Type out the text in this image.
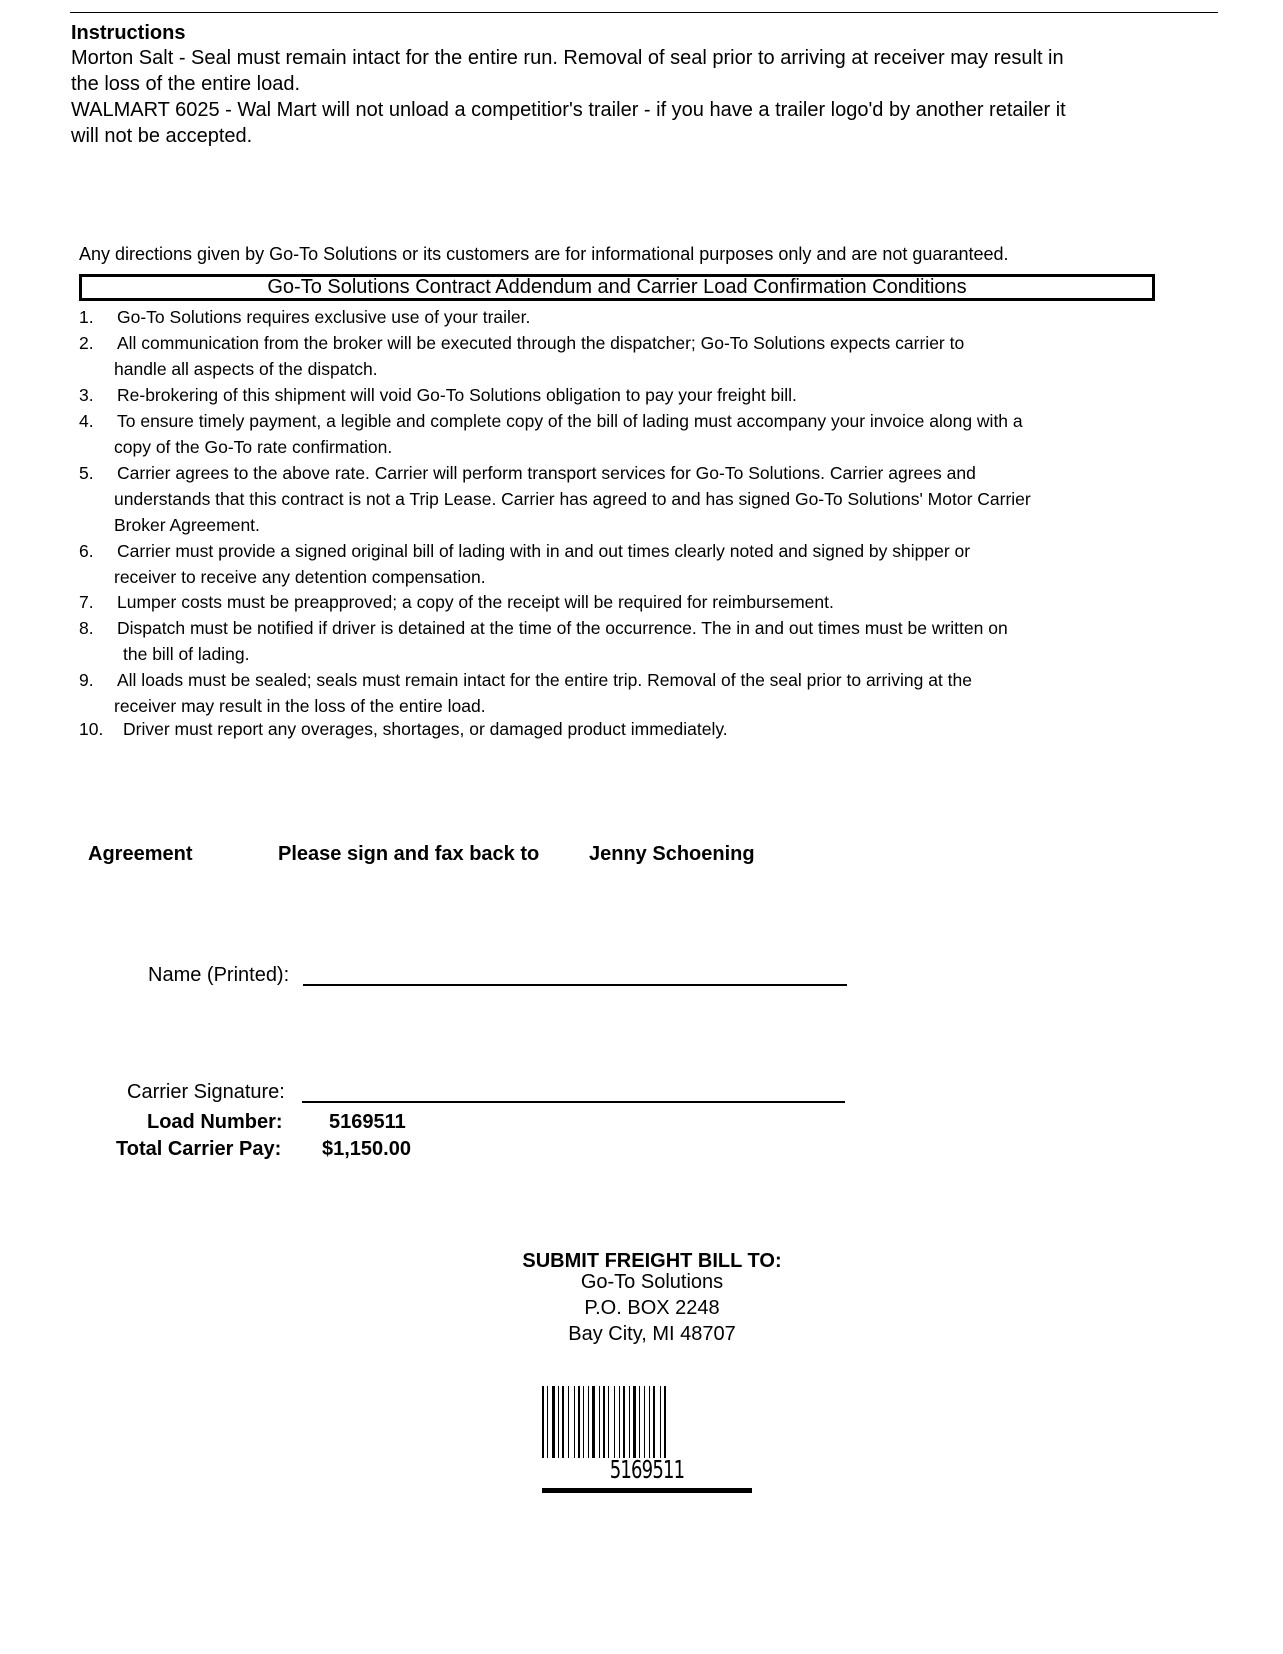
Instructions
Morton Salt - Seal must remain intact for the entire run. Removal of seal prior to arriving at receiver may result in
the loss of the entire load.
WALMART 6025 - Wal Mart will not unload a competitior's trailer - if you have a trailer logo'd by another retailer it
will not be accepted.
Any directions given by Go-To Solutions or its customers are for informational purposes only and are not guaranteed.
Go-To Solutions Contract Addendum and Carrier Load Confirmation Conditions
1. Go-To Solutions requires exclusive use of your trailer.
2. All communication from the broker will be executed through the dispatcher; Go-To Solutions expects carrier to
handle all aspects of the dispatch.
3. Re-brokering of this shipment will void Go-To Solutions obligation to pay your freight bill.
4. To ensure timely payment, a legible and complete copy of the bill of lading must accompany your invoice along with a
copy of the Go-To rate confirmation.
5. Carrier agrees to the above rate. Carrier will perform transport services for Go-To Solutions. Carrier agrees and
understands that this contract is not a Trip Lease. Carrier has agreed to and has signed Go-To Solutions' Motor Carrier
Broker Agreement.
6. Carrier must provide a signed original bill of lading with in and out times clearly noted and signed by shipper or
receiver to receive any detention compensation.
7. Lumper costs must be preapproved; a copy of the receipt will be required for reimbursement.
8. Dispatch must be notified if driver is detained at the time of the occurrence. The in and out times must be written on
the bill of lading.
9. All loads must be sealed; seals must remain intact for the entire trip. Removal of the seal prior to arriving at the
receiver may result in the loss of the entire load.
10. Driver must report any overages, shortages, or damaged product immediately.
Agreement	Please sign and fax back to Jenny Schoening
Name (Printed):
Carrier Signature:
Load Number: 5169511
Total Carrier Pay: $1,150.00
SUBMIT FREIGHT BILL TO:
Go-To Solutions
P.O. BOX 2248
Bay City, MI 48707
5169511
